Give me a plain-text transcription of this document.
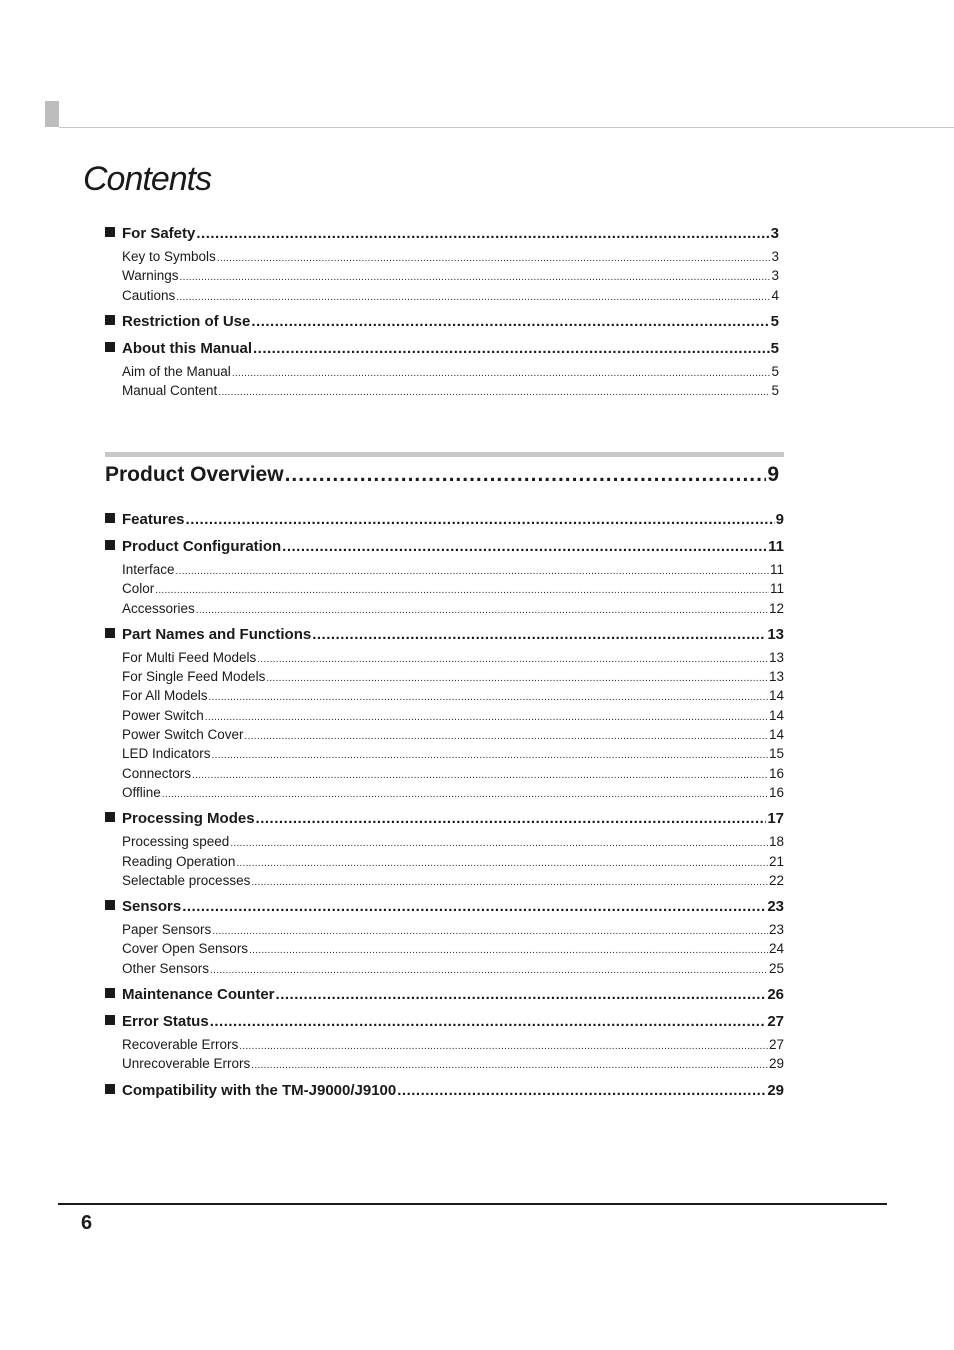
Contents
For Safety .....	3
Key to Symbols .....	3
Warnings .....	3
Cautions .....	4
Restriction of Use .....	5
About this Manual .....	5
Aim of the Manual .....	5
Manual Content .....	5
Product Overview .....	9
Features .....	9
Product Configuration .....	11
Interface .....	11
Color .....	11
Accessories .....	12
Part Names and Functions .....	13
For Multi Feed Models .....	13
For Single Feed Models .....	13
For All Models .....	14
Power Switch .....	14
Power Switch Cover .....	14
LED Indicators .....	15
Connectors .....	16
Offline .....	16
Processing Modes .....	17
Processing speed .....	18
Reading Operation .....	21
Selectable processes .....	22
Sensors .....	23
Paper Sensors .....	23
Cover Open Sensors .....	24
Other Sensors .....	25
Maintenance Counter .....	26
Error Status .....	27
Recoverable Errors .....	27
Unrecoverable Errors .....	29
Compatibility with the TM-J9000/J9100 .....	29
6
